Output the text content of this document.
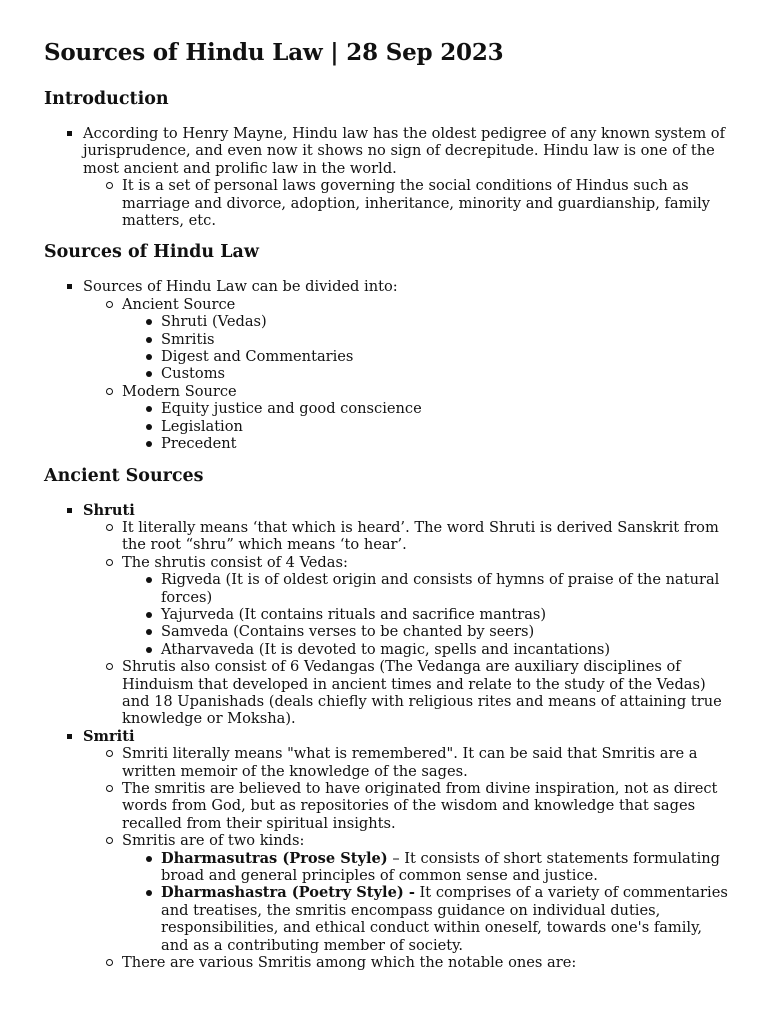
Sources of Hindu Law | 28 Sep 2023
Introduction
According to Henry Mayne, Hindu law has the oldest pedigree of any known system of jurisprudence, and even now it shows no sign of decrepitude. Hindu law is one of the most ancient and prolific law in the world.
It is a set of personal laws governing the social conditions of Hindus such as marriage and divorce, adoption, inheritance, minority and guardianship, family matters, etc.
Sources of Hindu Law
Sources of Hindu Law can be divided into:
Ancient Source
Shruti (Vedas)
Smritis
Digest and Commentaries
Customs
Modern Source
Equity justice and good conscience
Legislation
Precedent
Ancient Sources
Shruti
It literally means ‘that which is heard’. The word Shruti is derived Sanskrit from the root “shru” which means ‘to hear’.
The shrutis consist of 4 Vedas:
Rigveda (It is of oldest origin and consists of hymns of praise of the natural forces)
Yajurveda (It contains rituals and sacrifice mantras)
Samveda (Contains verses to be chanted by seers)
Atharvaveda (It is devoted to magic, spells and incantations)
Shrutis also consist of 6 Vedangas (The Vedanga are auxiliary disciplines of Hinduism that developed in ancient times and relate to the study of the Vedas) and 18 Upanishads (deals chiefly with religious rites and means of attaining true knowledge or Moksha).
Smriti
Smriti literally means "what is remembered". It can be said that Smritis are a written memoir of the knowledge of the sages.
The smritis are believed to have originated from divine inspiration, not as direct words from God, but as repositories of the wisdom and knowledge that sages recalled from their spiritual insights.
Smritis are of two kinds:
Dharmasutras (Prose Style) – It consists of short statements formulating broad and general principles of common sense and justice.
Dharmashastra (Poetry Style) - It comprises of a variety of commentaries and treatises, the smritis encompass guidance on individual duties, responsibilities, and ethical conduct within oneself, towards one's family, and as a contributing member of society.
There are various Smritis among which the notable ones are:
